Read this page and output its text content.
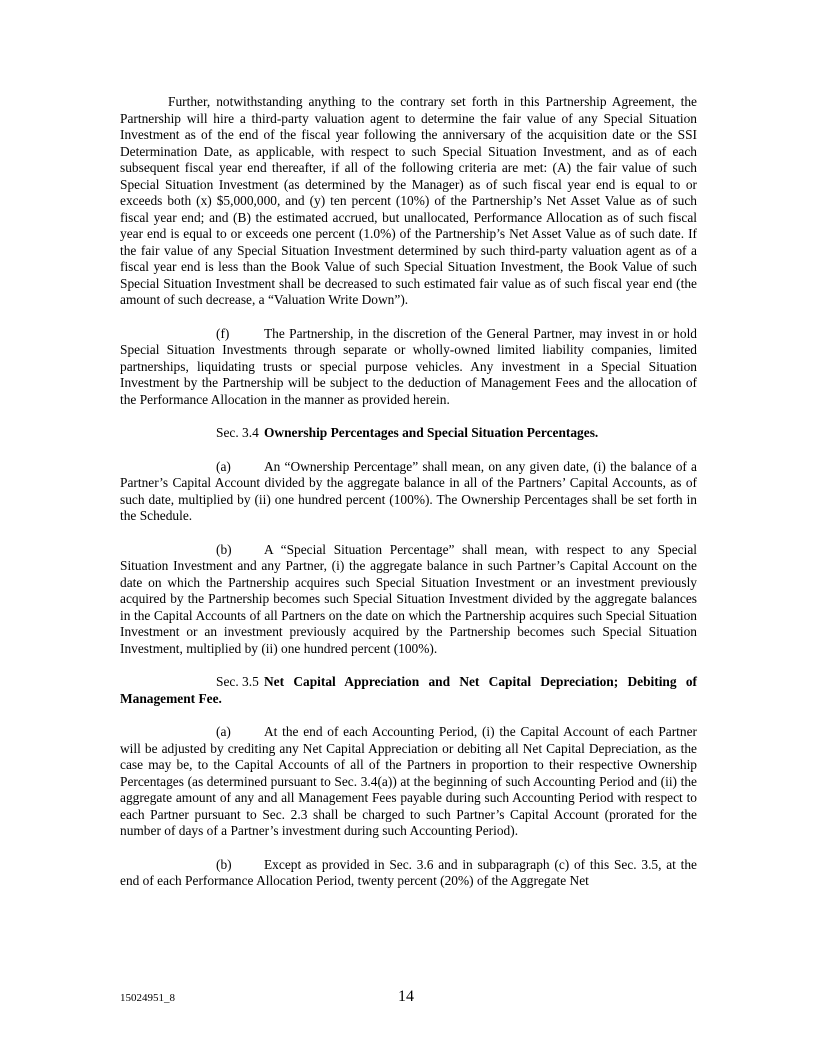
Further, notwithstanding anything to the contrary set forth in this Partnership Agreement, the Partnership will hire a third-party valuation agent to determine the fair value of any Special Situation Investment as of the end of the fiscal year following the anniversary of the acquisition date or the SSI Determination Date, as applicable, with respect to such Special Situation Investment, and as of each subsequent fiscal year end thereafter, if all of the following criteria are met: (A) the fair value of such Special Situation Investment (as determined by the Manager) as of such fiscal year end is equal to or exceeds both (x) $5,000,000, and (y) ten percent (10%) of the Partnership’s Net Asset Value as of such fiscal year end; and (B) the estimated accrued, but unallocated, Performance Allocation as of such fiscal year end is equal to or exceeds one percent (1.0%) of the Partnership’s Net Asset Value as of such date. If the fair value of any Special Situation Investment determined by such third-party valuation agent as of a fiscal year end is less than the Book Value of such Special Situation Investment, the Book Value of such Special Situation Investment shall be decreased to such estimated fair value as of such fiscal year end (the amount of such decrease, a “Valuation Write Down”).

(f)	The Partnership, in the discretion of the General Partner, may invest in or hold Special Situation Investments through separate or wholly-owned limited liability companies, limited partnerships, liquidating trusts or special purpose vehicles. Any investment in a Special Situation Investment by the Partnership will be subject to the deduction of Management Fees and the allocation of the Performance Allocation in the manner as provided herein.

Sec. 3.4 Ownership Percentages and Special Situation Percentages.

(a) An “Ownership Percentage” shall mean, on any given date, (i) the balance of a Partner’s Capital Account divided by the aggregate balance in all of the Partners’ Capital Accounts, as of such date, multiplied by (ii) one hundred percent (100%). The Ownership Percentages shall be set forth in the Schedule.

(b) A “Special Situation Percentage” shall mean, with respect to any Special Situation Investment and any Partner, (i) the aggregate balance in such Partner’s Capital Account on the date on which the Partnership acquires such Special Situation Investment or an investment previously acquired by the Partnership becomes such Special Situation Investment divided by the aggregate balances in the Capital Accounts of all Partners on the date on which the Partnership acquires such Special Situation Investment or an investment previously acquired by the Partnership becomes such Special Situation Investment, multiplied by (ii) one hundred percent (100%).

Sec. 3.5 Net Capital Appreciation and Net Capital Depreciation; Debiting of Management Fee.

(a) At the end of each Accounting Period, (i) the Capital Account of each Partner will be adjusted by crediting any Net Capital Appreciation or debiting all Net Capital Depreciation, as the case may be, to the Capital Accounts of all of the Partners in proportion to their respective Ownership Percentages (as determined pursuant to Sec. 3.4(a)) at the beginning of such Accounting Period and (ii) the aggregate amount of any and all Management Fees payable during such Accounting Period with respect to each Partner pursuant to Sec. 2.3 shall be charged to such Partner’s Capital Account (prorated for the number of days of a Partner’s investment during such Accounting Period).

(b) Except as provided in Sec. 3.6 and in subparagraph (c) of this Sec. 3.5, at the end of each Performance Allocation Period, twenty percent (20%) of the Aggregate Net

15024951_8	14
